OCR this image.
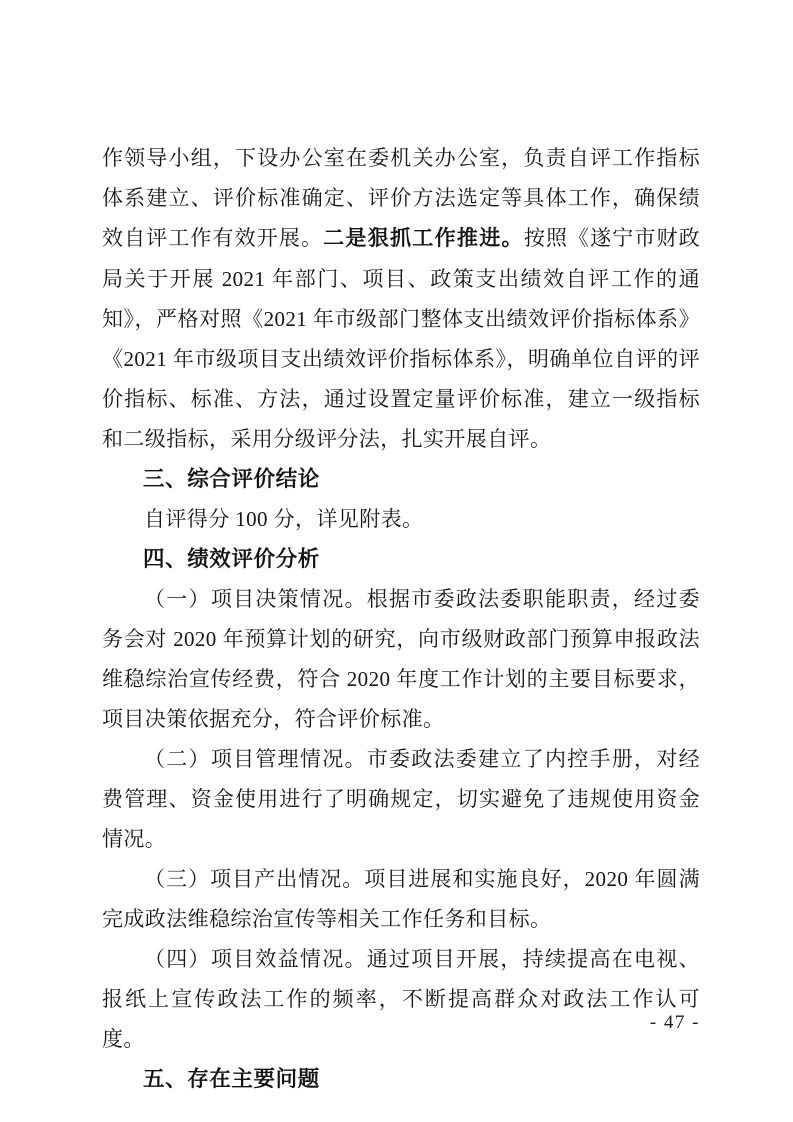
作领导小组，下设办公室在委机关办公室，负责自评工作指标体系建立、评价标准确定、评价方法选定等具体工作，确保绩效自评工作有效开展。二是狠抓工作推进。按照《遂宁市财政局关于开展 2021 年部门、项目、政策支出绩效自评工作的通知》，严格对照《2021 年市级部门整体支出绩效评价指标体系》《2021 年市级项目支出绩效评价指标体系》，明确单位自评的评价指标、标准、方法，通过设置定量评价标准，建立一级指标和二级指标，采用分级评分法，扎实开展自评。

三、综合评价结论

自评得分 100 分，详见附表。

四、绩效评价分析

（一）项目决策情况。根据市委政法委职能职责，经过委务会对 2020 年预算计划的研究，向市级财政部门预算申报政法维稳综治宣传经费，符合 2020 年度工作计划的主要目标要求，项目决策依据充分，符合评价标准。

（二）项目管理情况。市委政法委建立了内控手册，对经费管理、资金使用进行了明确规定，切实避免了违规使用资金情况。

（三）项目产出情况。项目进展和实施良好，2020 年圆满完成政法维稳综治宣传等相关工作任务和目标。

（四）项目效益情况。通过项目开展，持续提高在电视、报纸上宣传政法工作的频率，不断提高群众对政法工作认可度。

五、存在主要问题
- 47 -
